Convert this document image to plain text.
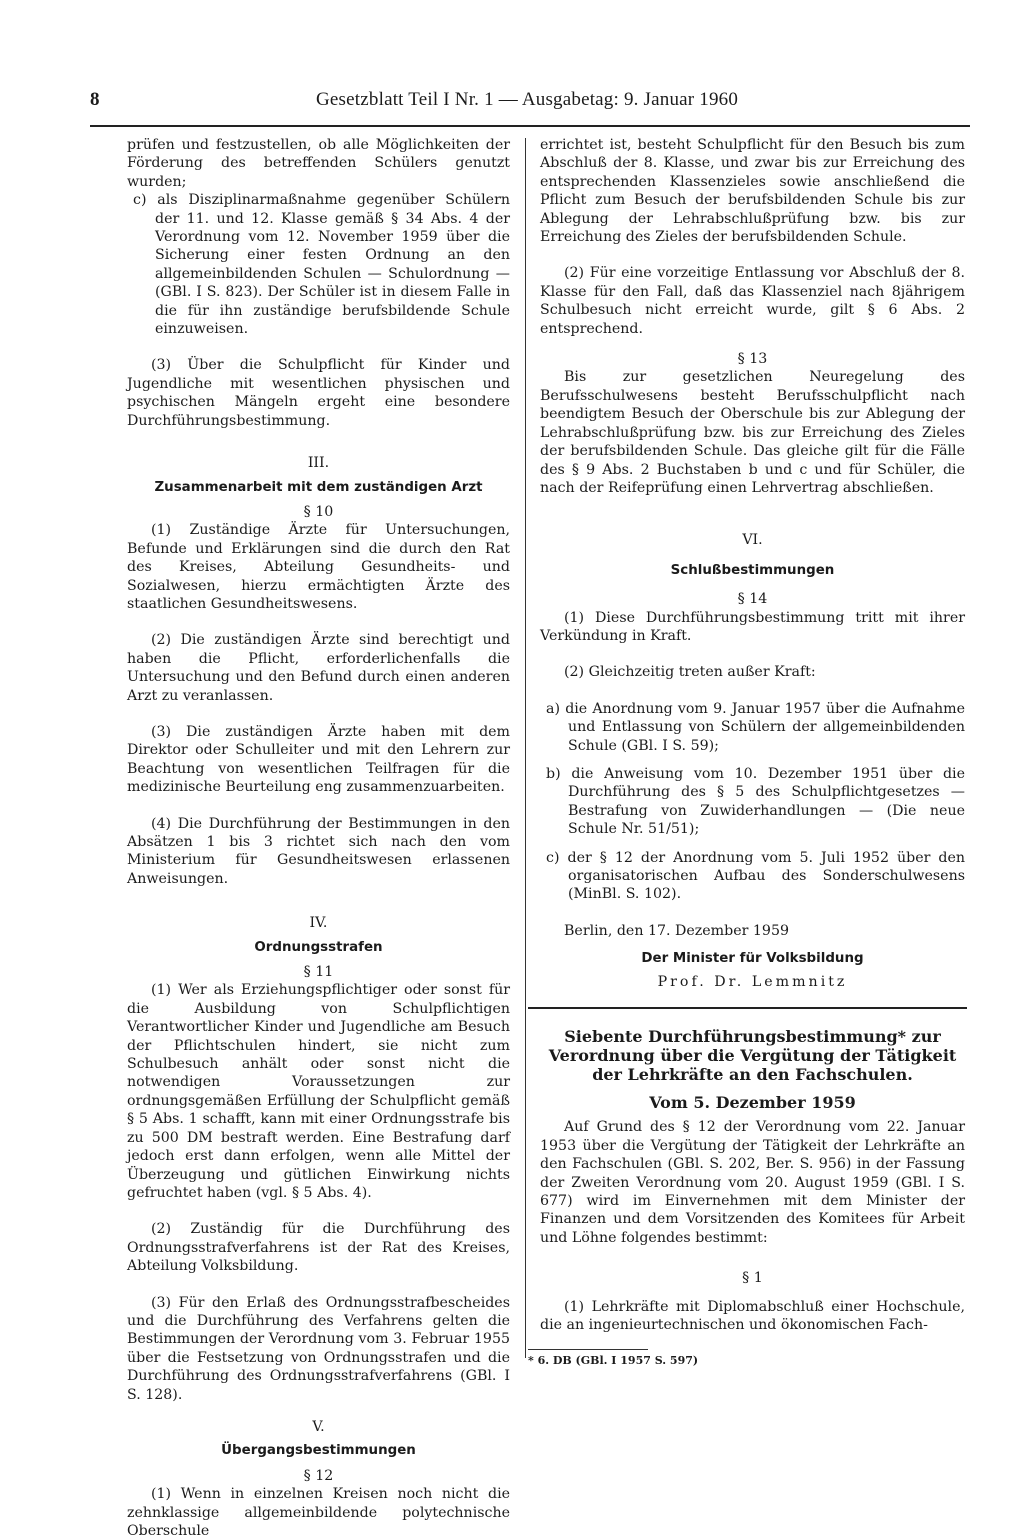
8	Gesetzblatt Teil I Nr. 1 — Ausgabetag: 9. Januar 1960

prüfen und festzustellen, ob alle Möglichkeiten der Förderung des betreffenden Schülers genutzt wurden;

c) als Disziplinarmaßnahme gegenüber Schülern der 11. und 12. Klasse gemäß § 34 Abs. 4 der Verordnung vom 12. November 1959 über die Sicherung einer festen Ordnung an den allgemeinbildenden Schulen — Schulordnung — (GBl. I S. 823). Der Schüler ist in diesem Falle in die für ihn zuständige berufsbildende Schule einzuweisen.

(3) Über die Schulpflicht für Kinder und Jugendliche mit wesentlichen physischen und psychischen Mängeln ergeht eine besondere Durchführungsbestimmung.

III.
Zusammenarbeit mit dem zuständigen Arzt
§ 10

(1) Zuständige Ärzte für Untersuchungen, Befunde und Erklärungen sind die durch den Rat des Kreises, Abteilung Gesundheits- und Sozialwesen, hierzu ermächtigten Ärzte des staatlichen Gesundheitswesens.

(2) Die zuständigen Ärzte sind berechtigt und haben die Pflicht, erforderlichenfalls die Untersuchung und den Befund durch einen anderen Arzt zu veranlassen.

(3) Die zuständigen Ärzte haben mit dem Direktor oder Schulleiter und mit den Lehrern zur Beachtung von wesentlichen Teilfragen für die medizinische Beurteilung eng zusammenzuarbeiten.

(4) Die Durchführung der Bestimmungen in den Absätzen 1 bis 3 richtet sich nach den vom Ministerium für Gesundheitswesen erlassenen Anweisungen.

IV.
Ordnungsstrafen
§ 11

(1) Wer als Erziehungspflichtiger oder sonst für die Ausbildung von Schulpflichtigen Verantwortlicher Kinder und Jugendliche am Besuch der Pflichtschulen hindert, sie nicht zum Schulbesuch anhält oder sonst nicht die notwendigen Voraussetzungen zur ordnungsgemäßen Erfüllung der Schulpflicht gemäß § 5 Abs. 1 schafft, kann mit einer Ordnungsstrafe bis zu 500 DM bestraft werden. Eine Bestrafung darf jedoch erst dann erfolgen, wenn alle Mittel der Überzeugung und gütlichen Einwirkung nichts gefruchtet haben (vgl. § 5 Abs. 4).

(2) Zuständig für die Durchführung des Ordnungsstrafverfahrens ist der Rat des Kreises, Abteilung Volksbildung.

(3) Für den Erlaß des Ordnungsstrafbescheides und die Durchführung des Verfahrens gelten die Bestimmungen der Verordnung vom 3. Februar 1955 über die Festsetzung von Ordnungsstrafen und die Durchführung des Ordnungsstrafverfahrens (GBl. I S. 128).

V.
Übergangsbestimmungen
§ 12

(1) Wenn in einzelnen Kreisen noch nicht die zehnklassige allgemeinbildende polytechnische Oberschule

errichtet ist, besteht Schulpflicht für den Besuch bis zum Abschluß der 8. Klasse, und zwar bis zur Erreichung des entsprechenden Klassenzieles sowie anschließend die Pflicht zum Besuch der berufsbildenden Schule bis zur Ablegung der Lehrabschlußprüfung bzw. bis zur Erreichung des Zieles der berufsbildenden Schule.

(2) Für eine vorzeitige Entlassung vor Abschluß der 8. Klasse für den Fall, daß das Klassenziel nach 8jährigem Schulbesuch nicht erreicht wurde, gilt § 6 Abs. 2 entsprechend.

§ 13

Bis zur gesetzlichen Neuregelung des Berufsschulwesens besteht Berufsschulpflicht nach beendigtem Besuch der Oberschule bis zur Ablegung der Lehrabschlußprüfung bzw. bis zur Erreichung des Zieles der berufsbildenden Schule. Das gleiche gilt für die Fälle des § 9 Abs. 2 Buchstaben b und c und für Schüler, die nach der Reifeprüfung einen Lehrvertrag abschließen.

VI.
Schlußbestimmungen
§ 14

(1) Diese Durchführungsbestimmung tritt mit ihrer Verkündung in Kraft.

(2) Gleichzeitig treten außer Kraft:

a) die Anordnung vom 9. Januar 1957 über die Aufnahme und Entlassung von Schülern der allgemeinbildenden Schule (GBl. I S. 59);

b) die Anweisung vom 10. Dezember 1951 über die Durchführung des § 5 des Schulpflichtgesetzes — Bestrafung von Zuwiderhandlungen — (Die neue Schule Nr. 51/51);

c) der § 12 der Anordnung vom 5. Juli 1952 über den organisatorischen Aufbau des Sonderschulwesens (MinBl. S. 102).

Berlin, den 17. Dezember 1959

Der Minister für Volksbildung
Prof. Dr. Lemmnitz
Siebente Durchführungsbestimmung* zur Verordnung über die Vergütung der Tätigkeit der Lehrkräfte an den Fachschulen.
Vom 5. Dezember 1959

Auf Grund des § 12 der Verordnung vom 22. Januar 1953 über die Vergütung der Tätigkeit der Lehrkräfte an den Fachschulen (GBl. S. 202, Ber. S. 956) in der Fassung der Zweiten Verordnung vom 20. August 1959 (GBl. I S. 677) wird im Einvernehmen mit dem Minister der Finanzen und dem Vorsitzenden des Komitees für Arbeit und Löhne folgendes bestimmt:

§ 1

(1) Lehrkräfte mit Diplomabschluß einer Hochschule, die an ingenieurtechnischen und ökonomischen Fach-

* 6. DB (GBl. I 1957 S. 597)
